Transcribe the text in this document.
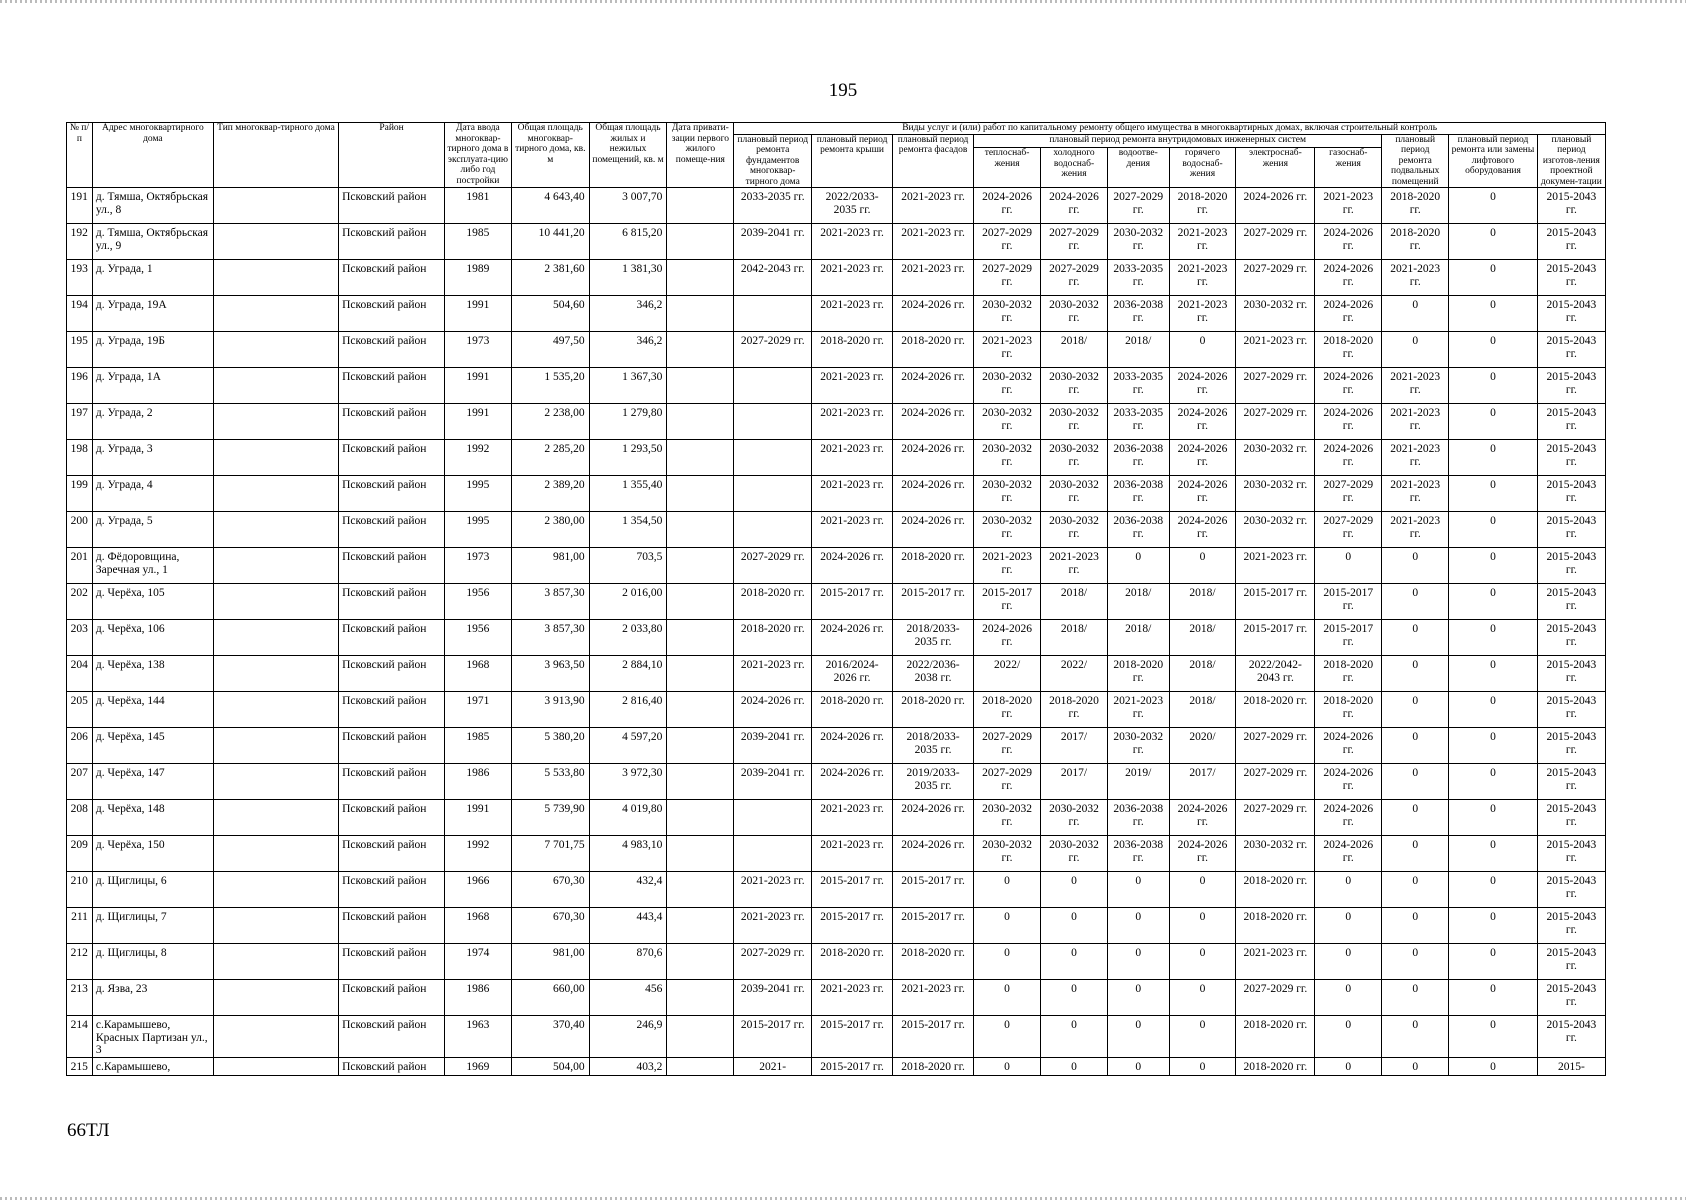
195
№ п/п	Адрес многоквартирного дома	Тип многоквар-тирного дома	Район	Дата ввода многоквар-тирного дома в эксплуата-цию либо год постройки	Общая площадь многоквар-тирного дома, кв. м	Общая площадь жилых и нежилых помещений, кв. м	Дата привати-зации первого жилого помеще-ния	Виды услуг и (или) работ по капитальному ремонту общего имущества в многоквартирных домах, включая строительный контроль											
								плановый период ремонта фундаментов многоквар-тирного дома	плановый период ремонта крыши	плановый период ремонта фасадов	плановый период ремонта внутридомовых инженерных систем						плановый период ремонта подвальных помещений	плановый период ремонта или замены лифтового оборудования	плановый период изготов-ления проектной докумен-тации
											теплоснаб-жения	холодного водоснаб-жения	водоотве-дения	горячего водоснаб-жения	электроснаб-жения	газоснаб-жения			
191	д. Тямша, Октябрьская ул., 8		Псковский район	1981	4 643,40	3 007,70		2033-2035 гг.	2022/2033-2035 гг.	2021-2023 гг.	2024-2026 гг.	2024-2026 гг.	2027-2029 гг.	2018-2020 гг.	2024-2026 гг.	2021-2023 гг.	2018-2020 гг.	0	2015-2043 гг.
192	д. Тямша, Октябрьская ул., 9		Псковский район	1985	10 441,20	6 815,20		2039-2041 гг.	2021-2023 гг.	2021-2023 гг.	2027-2029 гг.	2027-2029 гг.	2030-2032 гг.	2021-2023 гг.	2027-2029 гг.	2024-2026 гг.	2018-2020 гг.	0	2015-2043 гг.
193	д. Уграда, 1		Псковский район	1989	2 381,60	1 381,30		2042-2043 гг.	2021-2023 гг.	2021-2023 гг.	2027-2029 гг.	2027-2029 гг.	2033-2035 гг.	2021-2023 гг.	2027-2029 гг.	2024-2026 гг.	2021-2023 гг.	0	2015-2043 гг.
194	д. Уграда, 19А		Псковский район	1991	504,60	346,2			2021-2023 гг.	2024-2026 гг.	2030-2032 гг.	2030-2032 гг.	2036-2038 гг.	2021-2023 гг.	2030-2032 гг.	2024-2026 гг.	0	0	2015-2043 гг.
195	д. Уграда, 19Б		Псковский район	1973	497,50	346,2		2027-2029 гг.	2018-2020 гг.	2018-2020 гг.	2021-2023 гг.	2018/	2018/	0	2021-2023 гг.	2018-2020 гг.	0	0	2015-2043 гг.
196	д. Уграда, 1А		Псковский район	1991	1 535,20	1 367,30			2021-2023 гг.	2024-2026 гг.	2030-2032 гг.	2030-2032 гг.	2033-2035 гг.	2024-2026 гг.	2027-2029 гг.	2024-2026 гг.	2021-2023 гг.	0	2015-2043 гг.
197	д. Уграда, 2		Псковский район	1991	2 238,00	1 279,80			2021-2023 гг.	2024-2026 гг.	2030-2032 гг.	2030-2032 гг.	2033-2035 гг.	2024-2026 гг.	2027-2029 гг.	2024-2026 гг.	2021-2023 гг.	0	2015-2043 гг.
198	д. Уграда, 3		Псковский район	1992	2 285,20	1 293,50			2021-2023 гг.	2024-2026 гг.	2030-2032 гг.	2030-2032 гг.	2036-2038 гг.	2024-2026 гг.	2030-2032 гг.	2024-2026 гг.	2021-2023 гг.	0	2015-2043 гг.
199	д. Уграда, 4		Псковский район	1995	2 389,20	1 355,40			2021-2023 гг.	2024-2026 гг.	2030-2032 гг.	2030-2032 гг.	2036-2038 гг.	2024-2026 гг.	2030-2032 гг.	2027-2029 гг.	2021-2023 гг.	0	2015-2043 гг.
200	д. Уграда, 5		Псковский район	1995	2 380,00	1 354,50			2021-2023 гг.	2024-2026 гг.	2030-2032 гг.	2030-2032 гг.	2036-2038 гг.	2024-2026 гг.	2030-2032 гг.	2027-2029 гг.	2021-2023 гг.	0	2015-2043 гг.
201	д. Фёдоровщина, Заречная ул., 1		Псковский район	1973	981,00	703,5		2027-2029 гг.	2024-2026 гг.	2018-2020 гг.	2021-2023 гг.	2021-2023 гг.	0	0	2021-2023 гг.	0	0	0	2015-2043 гг.
202	д. Черёха, 105		Псковский район	1956	3 857,30	2 016,00		2018-2020 гг.	2015-2017 гг.	2015-2017 гг.	2015-2017 гг.	2018/	2018/	2018/	2015-2017 гг.	2015-2017 гг.	0	0	2015-2043 гг.
203	д. Черёха, 106		Псковский район	1956	3 857,30	2 033,80		2018-2020 гг.	2024-2026 гг.	2018/2033-2035 гг.	2024-2026 гг.	2018/	2018/	2018/	2015-2017 гг.	2015-2017 гг.	0	0	2015-2043 гг.
204	д. Черёха, 138		Псковский район	1968	3 963,50	2 884,10		2021-2023 гг.	2016/2024-2026 гг.	2022/2036-2038 гг.	2022/	2022/	2018-2020 гг.	2018/	2022/2042-2043 гг.	2018-2020 гг.	0	0	2015-2043 гг.
205	д. Черёха, 144		Псковский район	1971	3 913,90	2 816,40		2024-2026 гг.	2018-2020 гг.	2018-2020 гг.	2018-2020 гг.	2018-2020 гг.	2021-2023 гг.	2018/	2018-2020 гг.	2018-2020 гг.	0	0	2015-2043 гг.
206	д. Черёха, 145		Псковский район	1985	5 380,20	4 597,20		2039-2041 гг.	2024-2026 гг.	2018/2033-2035 гг.	2027-2029 гг.	2017/	2030-2032 гг.	2020/	2027-2029 гг.	2024-2026 гг.	0	0	2015-2043 гг.
207	д. Черёха, 147		Псковский район	1986	5 533,80	3 972,30		2039-2041 гг.	2024-2026 гг.	2019/2033-2035 гг.	2027-2029 гг.	2017/	2019/	2017/	2027-2029 гг.	2024-2026 гг.	0	0	2015-2043 гг.
208	д. Черёха, 148		Псковский район	1991	5 739,90	4 019,80			2021-2023 гг.	2024-2026 гг.	2030-2032 гг.	2030-2032 гг.	2036-2038 гг.	2024-2026 гг.	2027-2029 гг.	2024-2026 гг.	0	0	2015-2043 гг.
209	д. Черёха, 150		Псковский район	1992	7 701,75	4 983,10			2021-2023 гг.	2024-2026 гг.	2030-2032 гг.	2030-2032 гг.	2036-2038 гг.	2024-2026 гг.	2030-2032 гг.	2024-2026 гг.	0	0	2015-2043 гг.
210	д. Щиглицы, 6		Псковский район	1966	670,30	432,4		2021-2023 гг.	2015-2017 гг.	2015-2017 гг.	0	0	0	0	2018-2020 гг.	0	0	0	2015-2043 гг.
211	д. Щиглицы, 7		Псковский район	1968	670,30	443,4		2021-2023 гг.	2015-2017 гг.	2015-2017 гг.	0	0	0	0	2018-2020 гг.	0	0	0	2015-2043 гг.
212	д. Щиглицы, 8		Псковский район	1974	981,00	870,6		2027-2029 гг.	2018-2020 гг.	2018-2020 гг.	0	0	0	0	2021-2023 гг.	0	0	0	2015-2043 гг.
213	д. Язва, 23		Псковский район	1986	660,00	456		2039-2041 гг.	2021-2023 гг.	2021-2023 гг.	0	0	0	0	2027-2029 гг.	0	0	0	2015-2043 гг.
214	с.Карамышево, Красных Партизан ул., 3		Псковский район	1963	370,40	246,9		2015-2017 гг.	2015-2017 гг.	2015-2017 гг.	0	0	0	0	2018-2020 гг.	0	0	0	2015-2043 гг.
215	с.Карамышево,		Псковский район	1969	504,00	403,2		2021-	2015-2017 гг.	2018-2020 гг.	0	0	0	0	2018-2020 гг.	0	0	0	2015-
66ТЛ
